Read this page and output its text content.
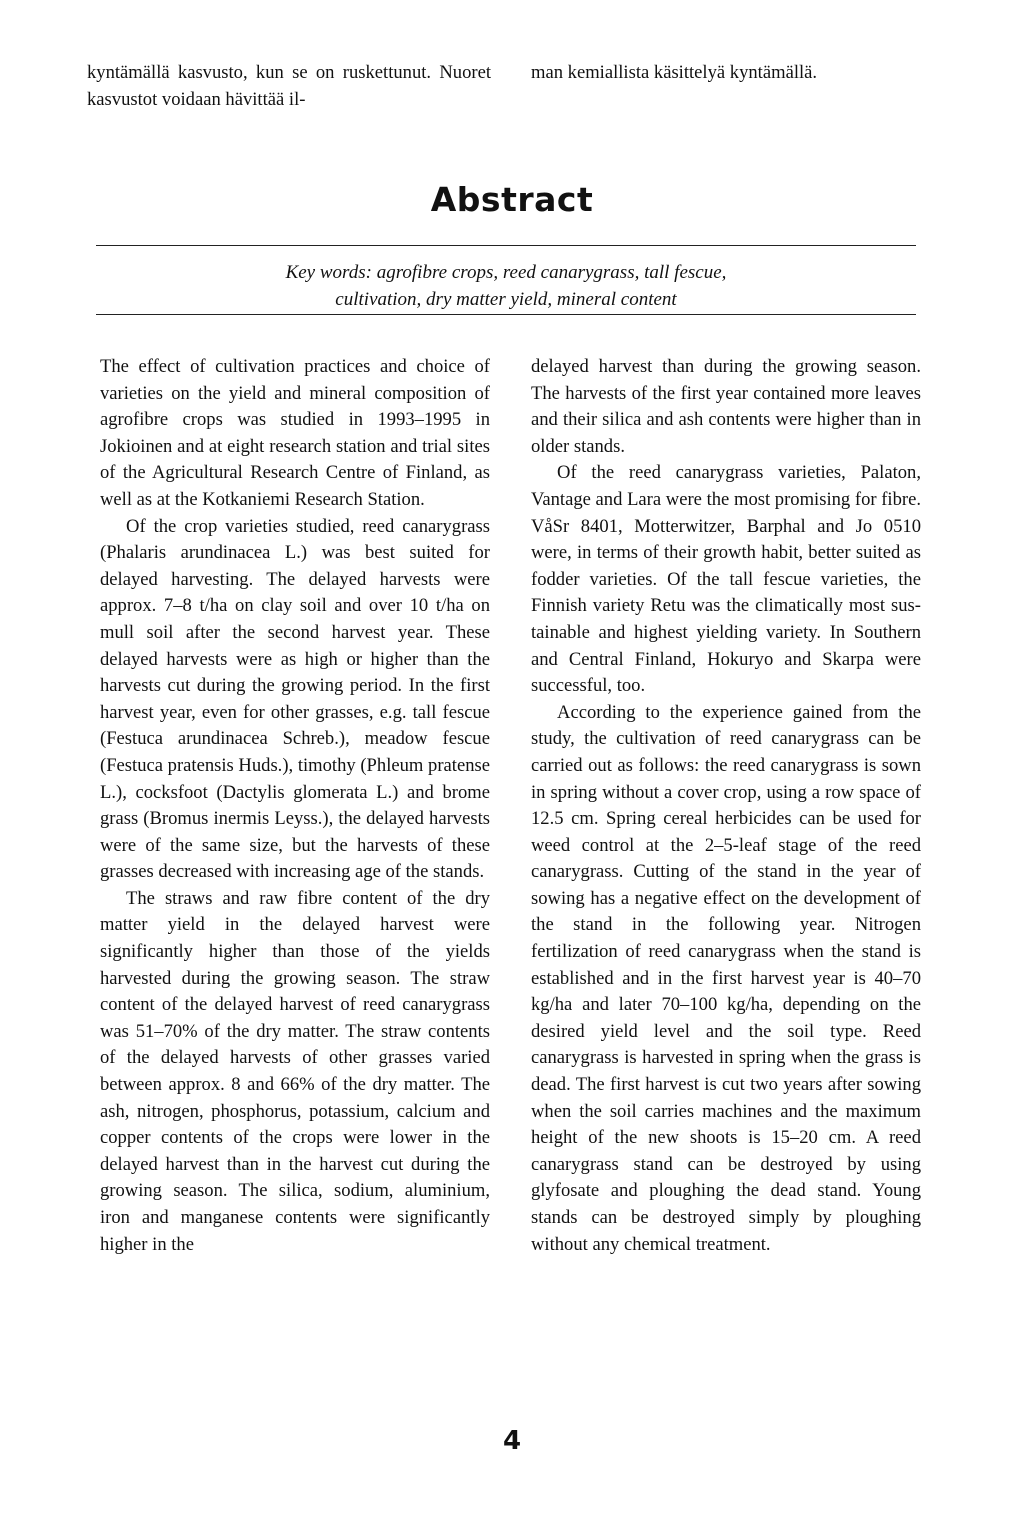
kyntämällä kasvusto, kun se on ruskettunut. Nuoret kasvustot voidaan hävittää il-
man kemiallista käsittelyä kyntämällä.
Abstract
Key words: agrofibre crops, reed canarygrass, tall fescue,
cultivation, dry matter yield, mineral content

The effect of cultivation practices and choice of varieties on the yield and mineral composition of agrofibre crops was studied in 1993–1995 in Jokioinen and at eight research station and trial sites of the Agricultural Research Centre of Finland, as well as at the Kotkaniemi Research Station.

Of the crop varieties studied, reed canarygrass (Phalaris arundinacea L.) was best suited for delayed harvesting. The delayed harvests were approx. 7–8 t/ha on clay soil and over 10 t/ha on mull soil after the second harvest year. These delayed harvests were as high or higher than the harvests cut during the growing period. In the first harvest year, even for other grasses, e.g. tall fescue (Festuca arundinacea Schreb.), meadow fescue (Festuca pratensis Huds.), timothy (Phleum pratense L.), cocksfoot (Dactylis glomerata L.) and brome grass (Bromus inermis Leyss.), the delayed harvests were of the same size, but the harvests of these grasses decreased with increasing age of the stands.

The straws and raw fibre content of the dry matter yield in the delayed harvest were significantly higher than those of the yields harvested during the growing season. The straw content of the delayed harvest of reed canarygrass was 51–70% of the dry matter. The straw contents of the delayed harvests of other grasses varied between approx. 8 and 66% of the dry matter. The ash, nitrogen, phosphorus, potassium, calcium and copper contents of the crops were lower in the delayed harvest than in the harvest cut during the growing season. The silica, sodium, aluminium, iron and manganese contents were significantly higher in the

delayed harvest than during the growing season. The harvests of the first year contained more leaves and their silica and ash contents were higher than in older stands.

Of the reed canarygrass varieties, Palaton, Vantage and Lara were the most promising for fibre. VåSr 8401, Motterwitzer, Barphal and Jo 0510 were, in terms of their growth habit, better suited as fodder varieties. Of the tall fescue varieties, the Finnish variety Retu was the climatically most sustainable and highest yielding variety. In Southern and Central Finland, Hokuryo and Skarpa were successful, too.

According to the experience gained from the study, the cultivation of reed canarygrass can be carried out as follows: the reed canarygrass is sown in spring without a cover crop, using a row space of 12.5 cm. Spring cereal herbicides can be used for weed control at the 2–5-leaf stage of the reed canarygrass. Cutting of the stand in the year of sowing has a negative effect on the development of the stand in the following year. Nitrogen fertilization of reed canarygrass when the stand is established and in the first harvest year is 40–70 kg/ha and later 70–100 kg/ha, depending on the desired yield level and the soil type. Reed canarygrass is harvested in spring when the grass is dead. The first harvest is cut two years after sowing when the soil carries machines and the maximum height of the new shoots is 15–20 cm. A reed canarygrass stand can be destroyed by using glyfosate and ploughing the dead stand. Young stands can be destroyed simply by ploughing without any chemical treatment.

4
